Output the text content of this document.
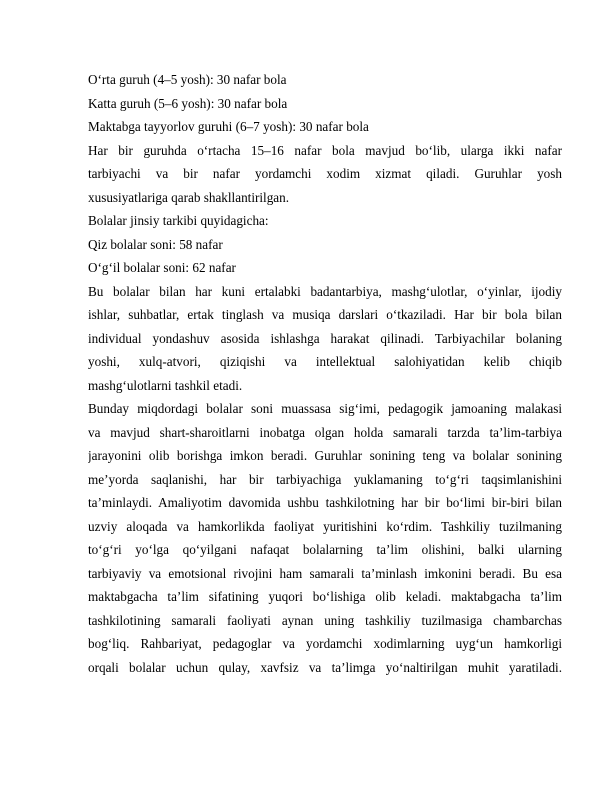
O‘rta guruh (4–5 yosh): 30 nafar bola
Katta guruh (5–6 yosh): 30 nafar bola
Maktabga tayyorlov guruhi (6–7 yosh): 30 nafar bola
Har bir guruhda o‘rtacha 15–16 nafar bola mavjud bo‘lib, ularga ikki nafar
tarbiyachi va bir nafar yordamchi xodim xizmat qiladi. Guruhlar yosh
xususiyatlariga qarab shakllantirilgan.
Bolalar jinsiy tarkibi quyidagicha:
Qiz bolalar soni: 58 nafar
O‘g‘il bolalar soni: 62 nafar
Bu bolalar bilan har kuni ertalabki badantarbiya, mashg‘ulotlar, o‘yinlar, ijodiy
ishlar, suhbatlar, ertak tinglash va musiqa darslari o‘tkaziladi. Har bir bola bilan
individual yondashuv asosida ishlashga harakat qilinadi. Tarbiyachilar bolaning
yoshi, xulq-atvori, qiziqishi va intellektual salohiyatidan kelib chiqib
mashg‘ulotlarni tashkil etadi.
Bunday miqdordagi bolalar soni muassasa sig‘imi, pedagogik jamoaning malakasi
va mavjud shart-sharoitlarni inobatga olgan holda samarali tarzda ta’lim-tarbiya
jarayonini olib borishga imkon beradi. Guruhlar sonining teng va bolalar sonining
me’yorda saqlanishi, har bir tarbiyachiga yuklamaning to‘g‘ri taqsimlanishini
ta’minlaydi. Amaliyotim davomida ushbu tashkilotning har bir bo‘limi bir-biri bilan
uzviy aloqada va hamkorlikda faoliyat yuritishini ko‘rdim. Tashkiliy tuzilmaning
to‘g‘ri yo‘lga qo‘yilgani nafaqat bolalarning ta’lim olishini, balki ularning
tarbiyaviy va emotsional rivojini ham samarali ta’minlash imkonini beradi. Bu esa
maktabgacha ta’lim sifatining yuqori bo‘lishiga olib keladi. maktabgacha ta’lim
tashkilotining samarali faoliyati aynan uning tashkiliy tuzilmasiga chambarchas
bog‘liq. Rahbariyat, pedagoglar va yordamchi xodimlarning uyg‘un hamkorligi
orqali bolalar uchun qulay, xavfsiz va ta’limga yo‘naltirilgan muhit yaratiladi.
